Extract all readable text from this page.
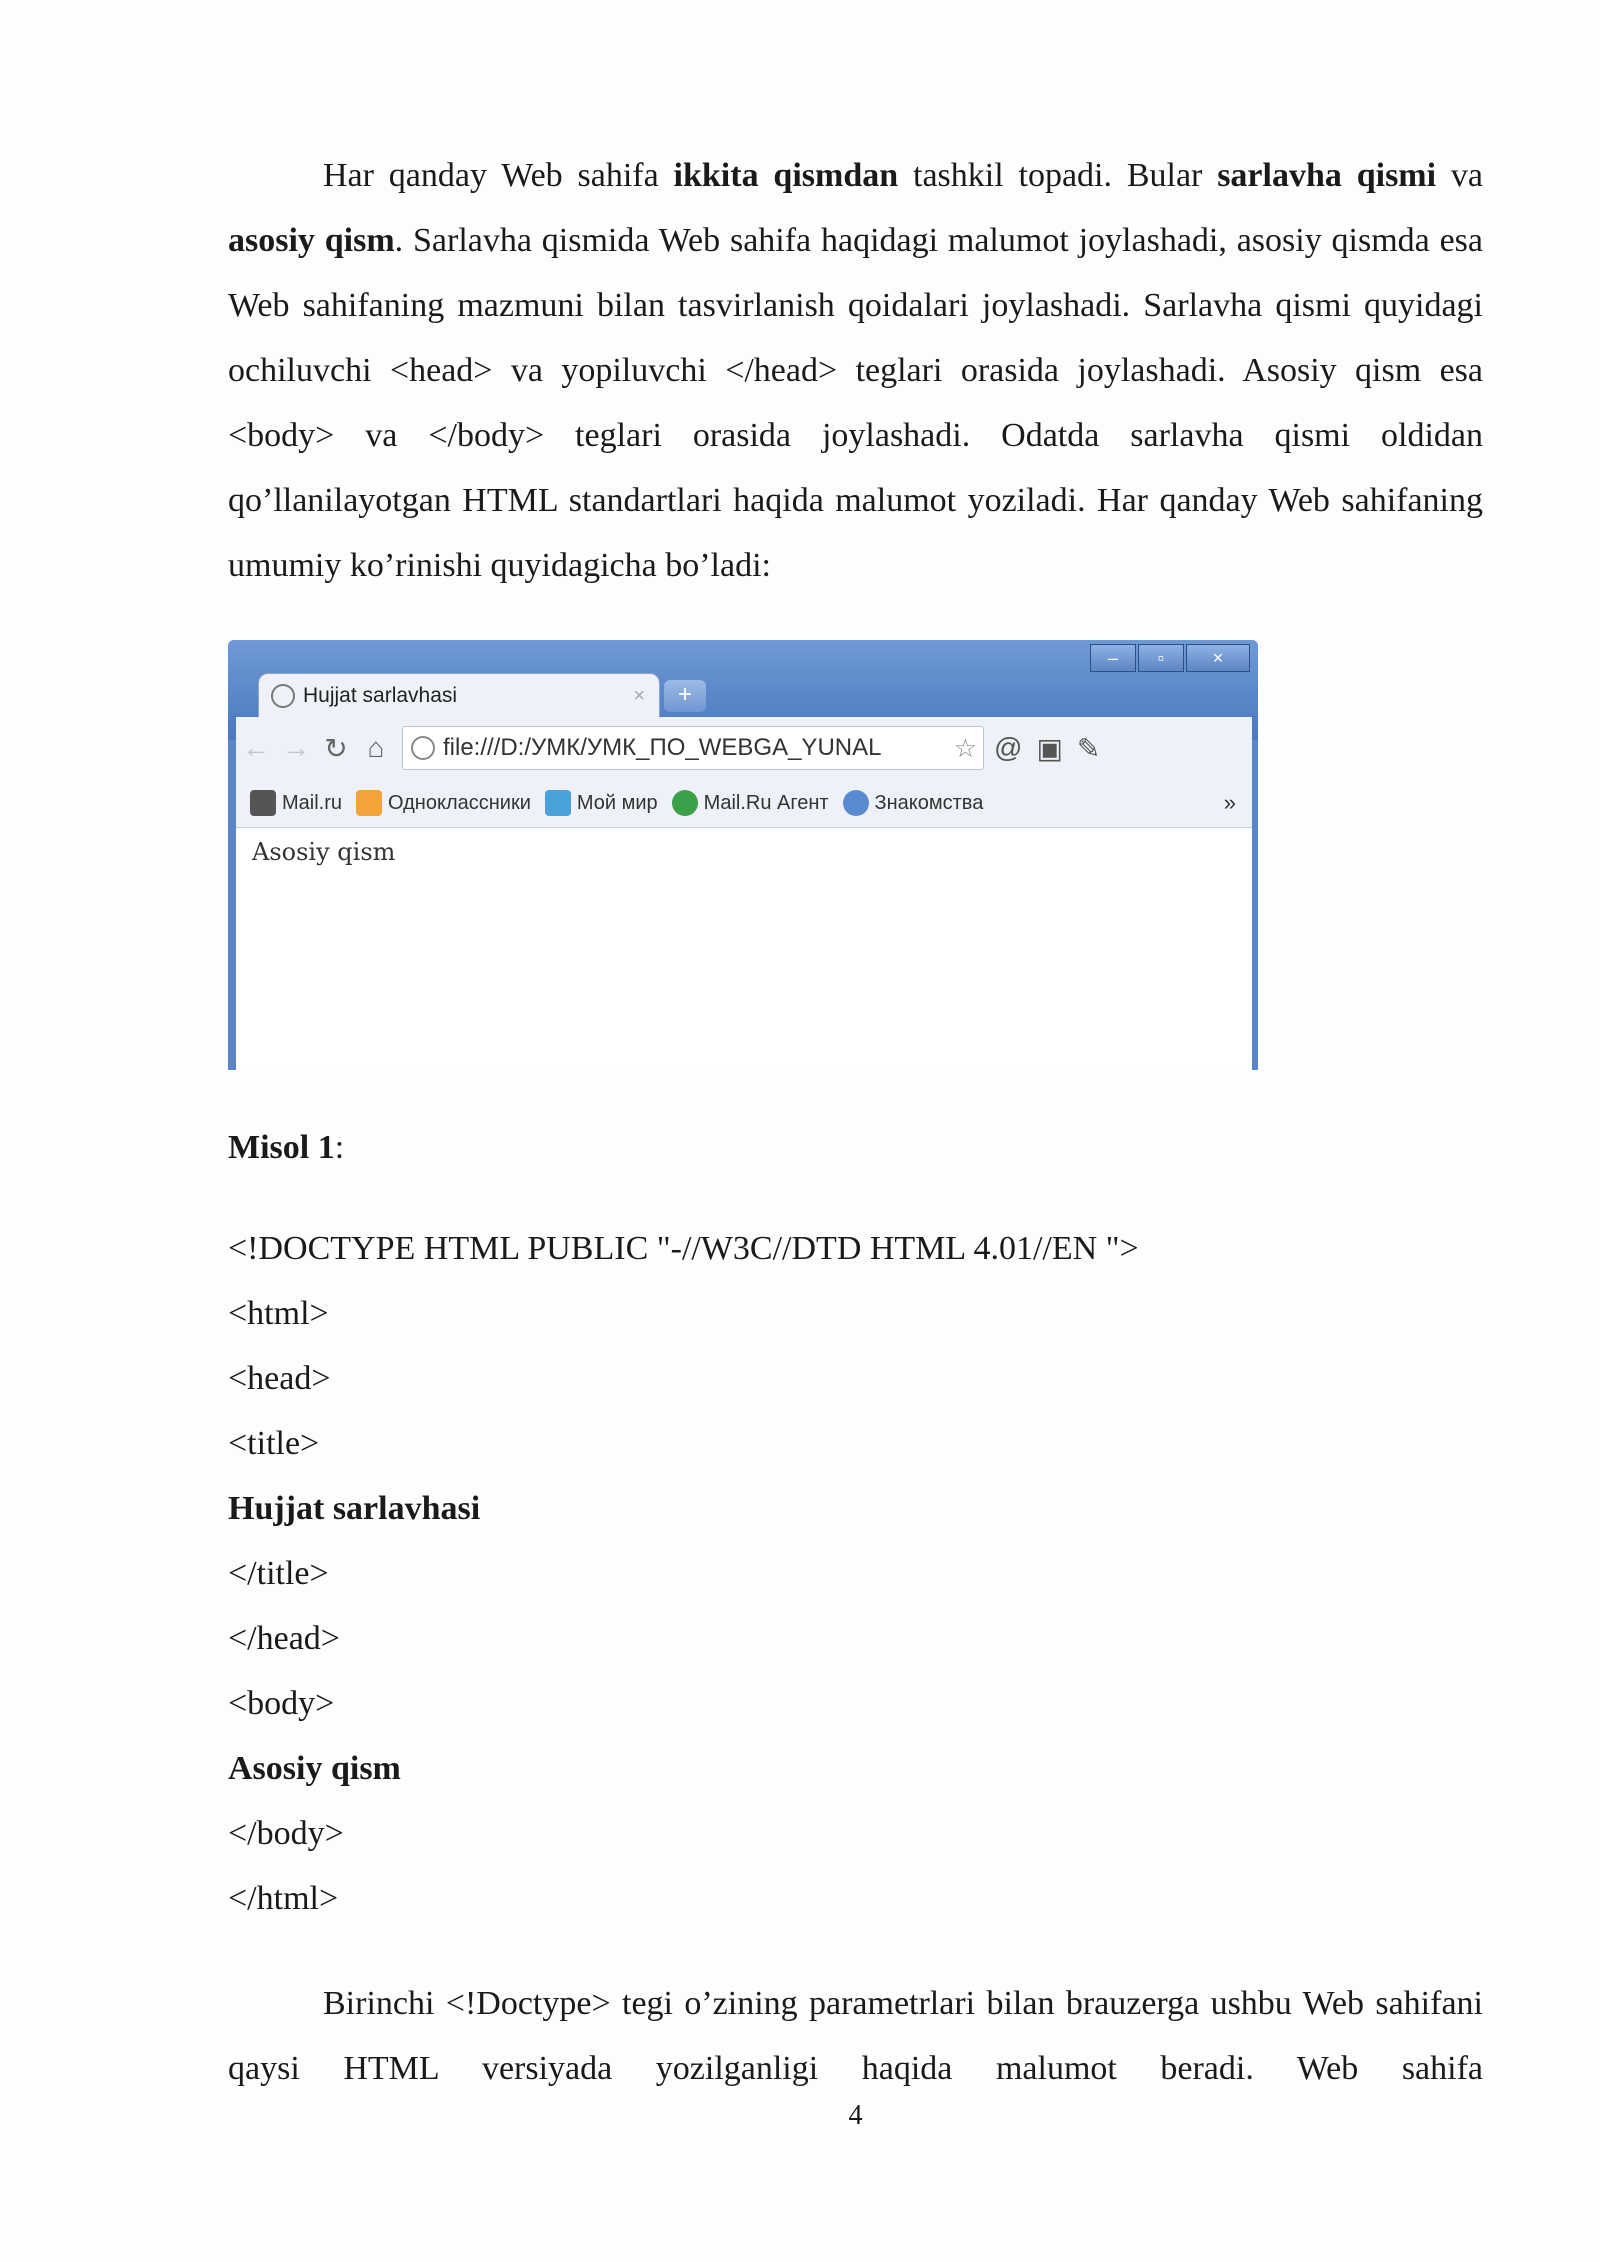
Har qanday Web sahifa ikkita qismdan tashkil topadi. Bular sarlavha qismi va asosiy qism. Sarlavha qismida Web sahifa haqidagi malumot joylashadi, asosiy qismda esa Web sahifaning mazmuni bilan tasvirlanish qoidalari joylashadi. Sarlavha qismi quyidagi ochiluvchi <head> va yopiluvchi </head> teglari orasida joylashadi. Asosiy qism esa <body> va </body> teglari orasida joylashadi. Odatda sarlavha qismi oldidan qo’llanilayotgan HTML standartlari haqida malumot yoziladi. Har qanday Web sahifaning umumiy ko’rinishi quyidagicha bo’ladi:

–	▫	×
Hujjat sarlavhasi	×	+
← → ↻ ⌂	file:///D:/УМК/УМК_ПО_WEBGA_YUNAL	☆ @ ▣ ✎
Mail.ru Одноклассники Мой мир Mail.Ru Агент Знакомства	»
Asosiy qism
Misol 1:
<!DOCTYPE HTML PUBLIC "-//W3C//DTD HTML 4.01//EN ">
<html>
<head>
<title>
Hujjat sarlavhasi
</title>
</head>
<body>
Asosiy qism
</body>
</html>

Birinchi <!Doctype> tegi o’zining parametrlari bilan brauzerga ushbu Web sahifani qaysi HTML versiyada yozilganligi haqida malumot beradi. Web sahifa

4
